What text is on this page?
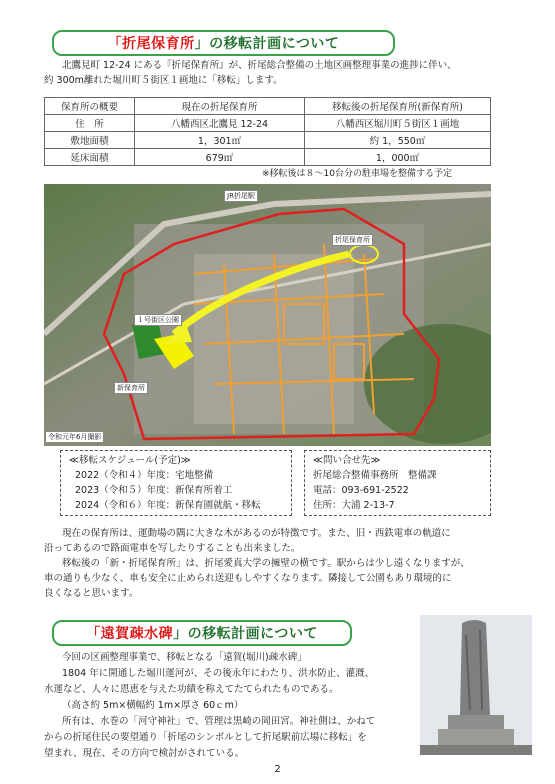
「 折尾保育所 」の移転計画について
北鷹見町 12-24 にある『折尾保育所』が、折尾総合整備の土地区画整理事業の進捗に伴い、
約 300m離れた堀川町５街区１画地に「移転」します。
保育所の概要	現在の折尾保育所	移転後の折尾保育所(新保育所)
住　所	八幡西区北鷹見 12-24	八幡西区堀川町５街区１画地
敷地面積	1，301㎡	約 1，550㎡
延床面積	679㎡	1，000㎡
※移転後は８～10台分の駐車場を整備する予定
折尾保育所
新保育所
JR折尾駅
１号街区公園
令和元年6月撮影
≪移転スケジュール(予定)≫
2022（令和４）年度：宅地整備
2023（令和５）年度：新保育所着工
2024（令和６）年度：新保育園就航・移転
≪問い合せ先≫
折尾総合整備事務所　整備課
電話：093-691-2522
住所：大浦 2-13-7
現在の保育所は、運動場の隅に大きな木があるのが特徴です。また、旧・西鉄電車の軌道に
沿ってあるので路面電車を写したりすることも出来ました。
移転後の「新・折尾保育所」は、折尾愛真大学の擁壁の横です。駅からは少し遠くなりますが、
車の通りも少なく、車も安全に止められ送迎もしやすくなります。隣接して公園もあり環境的に
良くなると思います。
「 遠賀疎水碑 」の移転計画について
今回の区画整理事業で、移転となる「遠賀(堀川)疎水碑」
1804 年に開通した堀川運河が、その後永年にわたり、洪水防止、灌漑、
水運など、人々に恩恵を与えた功績を称えてたてられたものである。
（高さ約 5m×横幅約 1m×厚さ 60ｃm）
所有は、水巻の「河守神社」で、管理は黒崎の岡田宮。神社側は、かねて
からの折尾住民の要望通り「折尾のシンボルとして折尾駅前広場に移転」を
望まれ、現在、その方向で検討がされている。
2
